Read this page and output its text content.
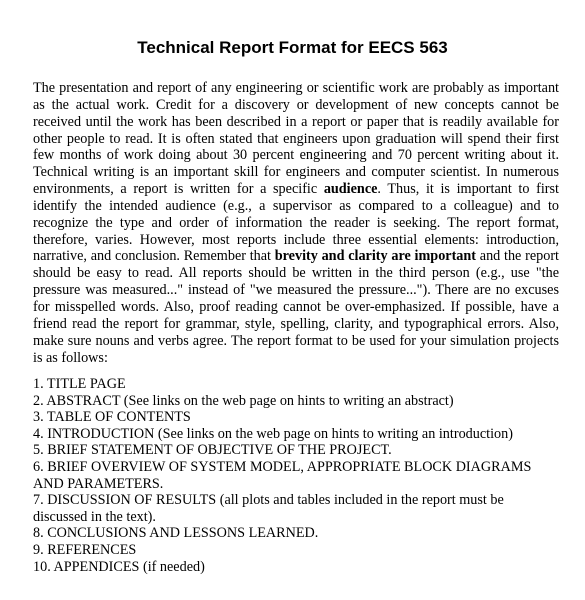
Technical Report Format for EECS 563

The presentation and report of any engineering or scientific work are probably as important as the actual work. Credit for a discovery or development of new concepts cannot be received until the work has been described in a report or paper that is readily available for other people to read. It is often stated that engineers upon graduation will spend their first few months of work doing about 30 percent engineering and 70 percent writing about it. Technical writing is an important skill for engineers and computer scientist. In numerous environments, a report is written for a specific audience. Thus, it is important to first identify the intended audience (e.g., a supervisor as compared to a colleague) and to recognize the type and order of information the reader is seeking. The report format, therefore, varies. However, most reports include three essential elements: introduction, narrative, and conclusion. Remember that brevity and clarity are important and the report should be easy to read. All reports should be written in the third person (e.g., use "the pressure was measured..." instead of "we measured the pressure..."). There are no excuses for misspelled words. Also, proof reading cannot be over-emphasized. If possible, have a friend read the report for grammar, style, spelling, clarity, and typographical errors. Also, make sure nouns and verbs agree. The report format to be used for your simulation projects is as follows:

1. TITLE PAGE
2. ABSTRACT (See links on the web page on hints to writing an abstract)
3. TABLE OF CONTENTS
4. INTRODUCTION (See links on the web page on hints to writing an introduction)
5. BRIEF STATEMENT OF OBJECTIVE OF THE PROJECT.
6. BRIEF OVERVIEW OF SYSTEM MODEL, APPROPRIATE BLOCK DIAGRAMS AND PARAMETERS.
7. DISCUSSION OF RESULTS (all plots and tables included in the report must be discussed in the text).
8. CONCLUSIONS AND LESSONS LEARNED.
9. REFERENCES
10. APPENDICES (if needed)
